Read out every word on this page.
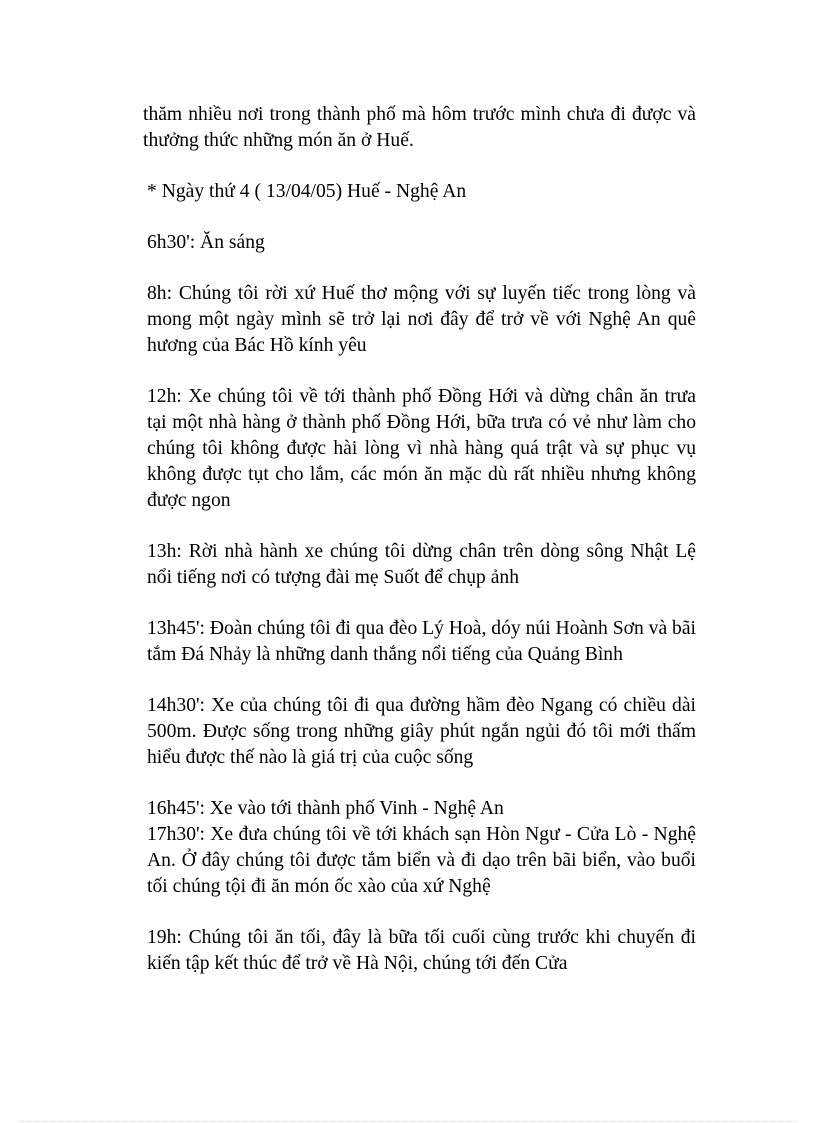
thăm nhiều nơi trong thành phố mà hôm trước mình chưa đi được và thưởng thức những món ăn ở Huế.

* Ngày thứ 4 ( 13/04/05) Huế - Nghệ An

6h30': Ăn sáng

8h: Chúng tôi rời xứ Huế thơ mộng với sự luyến tiếc trong lòng và mong một ngày mình sẽ trở lại nơi đây để trở về với Nghệ An quê hương của Bác Hồ kính yêu

12h: Xe chúng tôi về tới thành phố Đồng Hới và dừng chân ăn trưa tại một nhà hàng ở thành phố Đồng Hới, bữa trưa có vẻ như làm cho chúng tôi không được hài lòng vì nhà hàng quá trật và sự phục vụ không được tụt cho lắm, các món ăn mặc dù rất nhiều nhưng không được ngon

13h: Rời nhà hành xe chúng tôi dừng chân trên dòng sông Nhật Lệ nổi tiếng nơi có tượng đài mẹ Suốt để chụp ảnh

13h45': Đoàn chúng tôi đi qua đèo Lý Hoà, dóy núi Hoành Sơn và bãi tắm Đá Nhảy là những danh thắng nổi tiếng của Quảng Bình

14h30': Xe của chúng tôi đi qua đường hầm đèo Ngang có chiều dài 500m. Được sống trong những giây phút ngắn ngủi đó tôi mới thấm hiểu được thế nào là giá trị của cuộc sống

16h45': Xe vào tới thành phố Vinh - Nghệ An

17h30': Xe đưa chúng tôi về tới khách sạn Hòn Ngư - Cửa Lò - Nghệ An. Ở đây chúng tôi được tắm biển và đi dạo trên bãi biển, vào buổi tối chúng tội đi ăn món ốc xào của xứ Nghệ

19h: Chúng tôi ăn tối, đây là bữa tối cuối cùng trước khi chuyến đi kiến tập kết thúc để trở về Hà Nội, chúng tới đến Cửa
